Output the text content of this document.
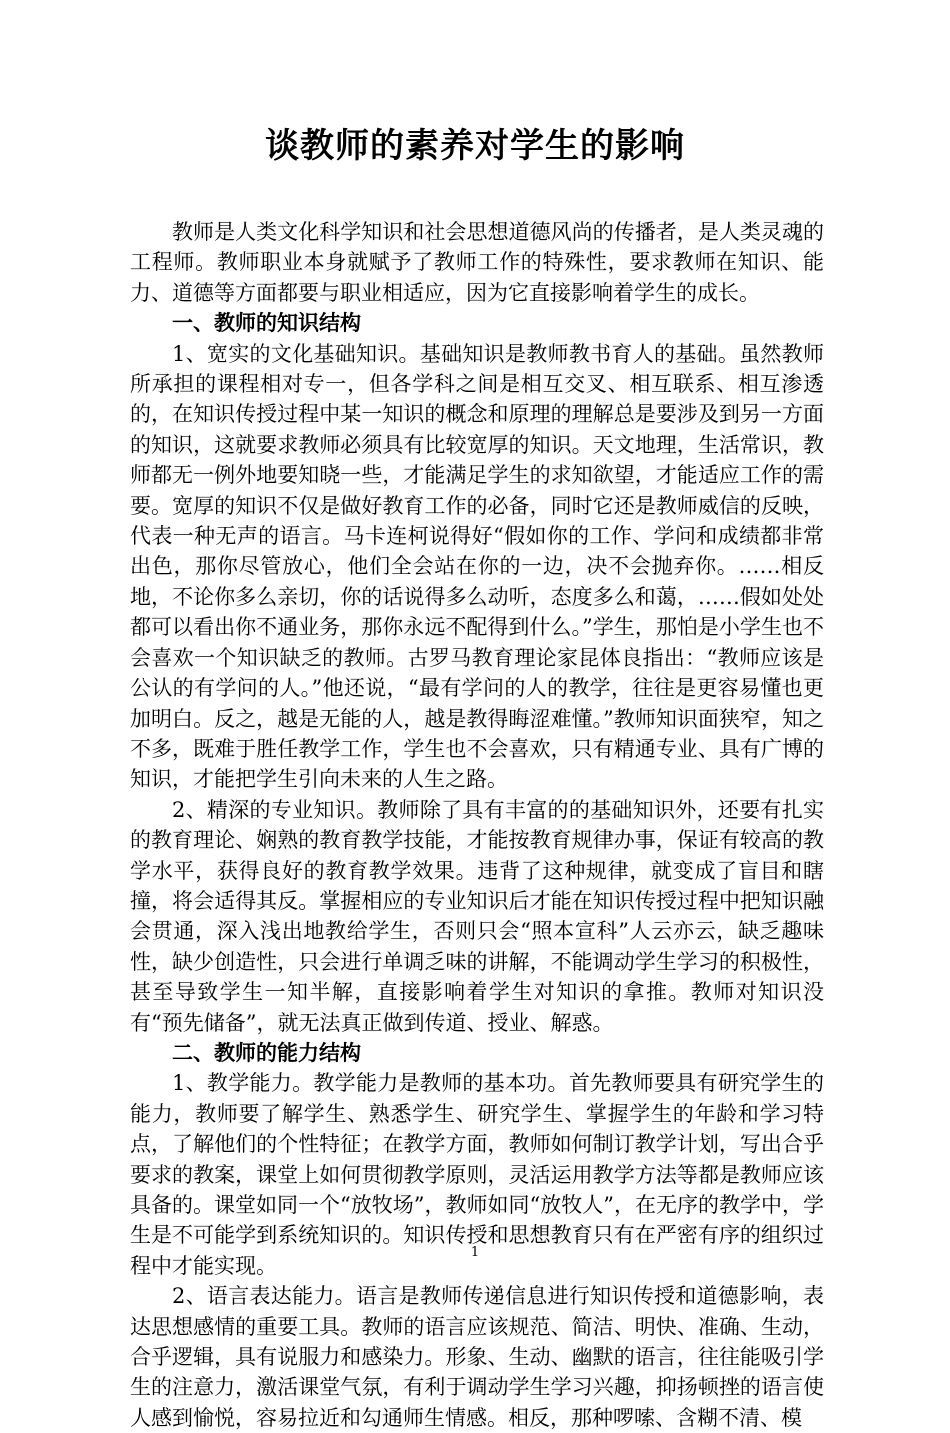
谈教师的素养对学生的影响

教师是人类文化科学知识和社会思想道德风尚的传播者，是人类灵魂的工程师。教师职业本身就赋予了教师工作的特殊性，要求教师在知识、能力、道德等方面都要与职业相适应，因为它直接影响着学生的成长。

一、教师的知识结构

1、宽实的文化基础知识。基础知识是教师教书育人的基础。虽然教师所承担的课程相对专一，但各学科之间是相互交叉、相互联系、相互渗透的，在知识传授过程中某一知识的概念和原理的理解总是要涉及到另一方面的知识，这就要求教师必须具有比较宽厚的知识。天文地理，生活常识，教师都无一例外地要知晓一些，才能满足学生的求知欲望，才能适应工作的需要。宽厚的知识不仅是做好教育工作的必备，同时它还是教师威信的反映，代表一种无声的语言。马卡连柯说得好“假如你的工作、学问和成绩都非常出色，那你尽管放心，他们全会站在你的一边，决不会抛弃你。……相反地，不论你多么亲切，你的话说得多么动听，态度多么和蔼，……假如处处都可以看出你不通业务，那你永远不配得到什么。”学生，那怕是小学生也不会喜欢一个知识缺乏的教师。古罗马教育理论家昆体良指出：“教师应该是公认的有学问的人。”他还说，“最有学问的人的教学，往往是更容易懂也更加明白。反之，越是无能的人，越是教得晦涩难懂。”教师知识面狭窄，知之不多，既难于胜任教学工作，学生也不会喜欢，只有精通专业、具有广博的知识，才能把学生引向未来的人生之路。

2、精深的专业知识。教师除了具有丰富的的基础知识外，还要有扎实的教育理论、娴熟的教育教学技能，才能按教育规律办事，保证有较高的教学水平，获得良好的教育教学效果。违背了这种规律，就变成了盲目和瞎撞，将会适得其反。掌握相应的专业知识后才能在知识传授过程中把知识融会贯通，深入浅出地教给学生，否则只会“照本宣科”人云亦云，缺乏趣味性，缺少创造性，只会进行单调乏味的讲解，不能调动学生学习的积极性，甚至导致学生一知半解，直接影响着学生对知识的拿推。教师对知识没有“预先储备”，就无法真正做到传道、授业、解惑。

二、教师的能力结构

1、教学能力。教学能力是教师的基本功。首先教师要具有研究学生的能力，教师要了解学生、熟悉学生、研究学生、掌握学生的年龄和学习特点，了解他们的个性特征；在教学方面，教师如何制订教学计划，写出合乎要求的教案，课堂上如何贯彻教学原则，灵活运用教学方法等都是教师应该具备的。课堂如同一个“放牧场”，教师如同“放牧人”，在无序的教学中，学生是不可能学到系统知识的。知识传授和思想教育只有在严密有序的组织过程中才能实现。

2、语言表达能力。语言是教师传递信息进行知识传授和道德影响，表达思想感情的重要工具。教师的语言应该规范、简洁、明快、准确、生动，合乎逻辑，具有说服力和感染力。形象、生动、幽默的语言，往往能吸引学生的注意力，激活课堂气氛，有利于调动学生学习兴趣，抑扬顿挫的语言使人感到愉悦，容易拉近和勾通师生情感。相反，那种啰嗦、含糊不清、模

1
